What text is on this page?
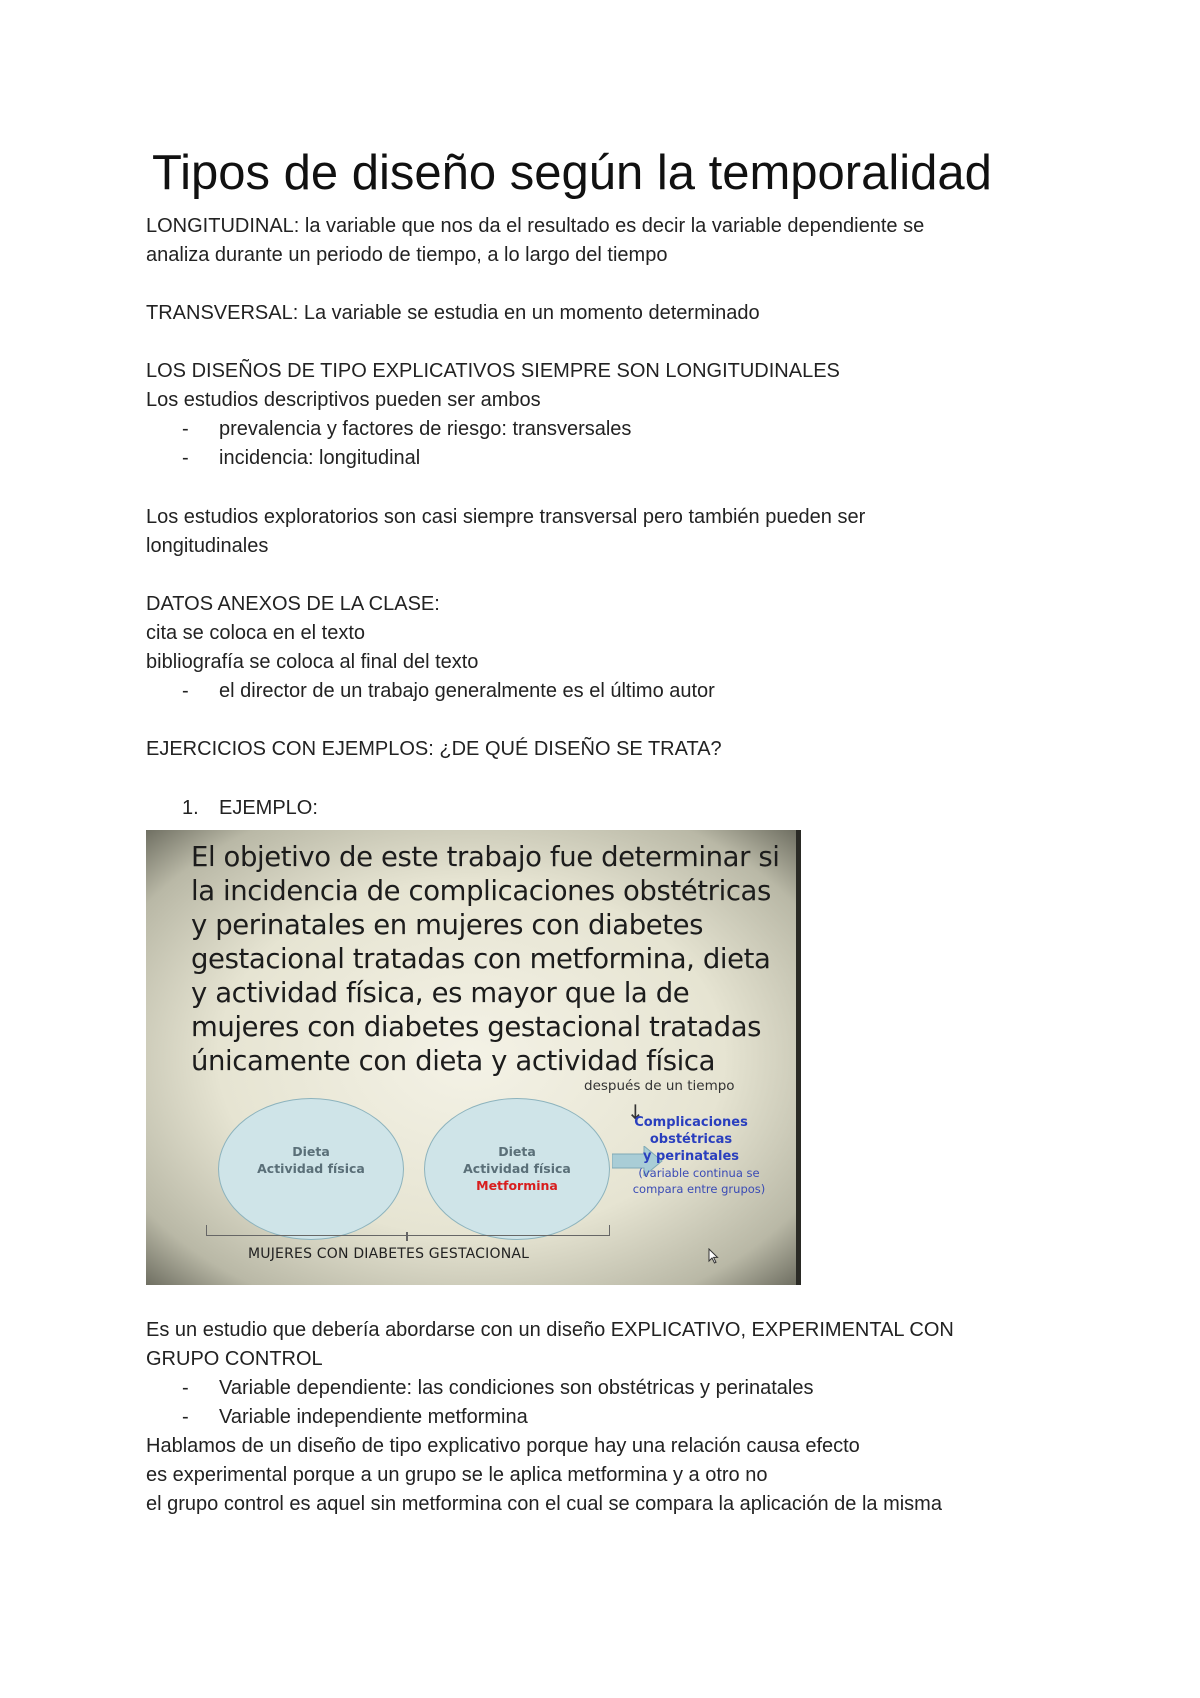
Tipos de diseño según la temporalidad
LONGITUDINAL: la variable que nos da el resultado es decir la variable dependiente se
analiza durante un periodo de tiempo, a lo largo del tiempo
TRANSVERSAL: La variable se estudia en un momento determinado
LOS DISEÑOS DE TIPO EXPLICATIVOS SIEMPRE SON LONGITUDINALES
Los estudios descriptivos pueden ser ambos
- prevalencia y factores de riesgo: transversales
- incidencia: longitudinal
Los estudios exploratorios son casi siempre transversal pero también pueden ser
longitudinales
DATOS ANEXOS DE LA CLASE:
cita se coloca en el texto
bibliografía se coloca al final del texto
- el director de un trabajo generalmente es el último autor
EJERCICIOS CON EJEMPLOS: ¿DE QUÉ DISEÑO SE TRATA?
1. EJEMPLO:
El objetivo de este trabajo fue determinar si
la incidencia de complicaciones obstétricas
y perinatales en mujeres con diabetes
gestacional tratadas con metformina, dieta
y actividad física, es mayor que la de
mujeres con diabetes gestacional tratadas
únicamente con dieta y actividad física
Dieta
Actividad física
Dieta
Actividad física
Metformina
después de un tiempo
↓
Complicaciones
obstétricas
y perinatales
(variable continua se
compara entre grupos)
MUJERES CON DIABETES GESTACIONAL
Es un estudio que debería abordarse con un diseño EXPLICATIVO, EXPERIMENTAL CON
GRUPO CONTROL
- Variable dependiente: las condiciones son obstétricas y perinatales
- Variable independiente metformina
Hablamos de un diseño de tipo explicativo porque hay una relación causa efecto
es experimental porque a un grupo se le aplica metformina y a otro no
el grupo control es aquel sin metformina con el cual se compara la aplicación de la misma
